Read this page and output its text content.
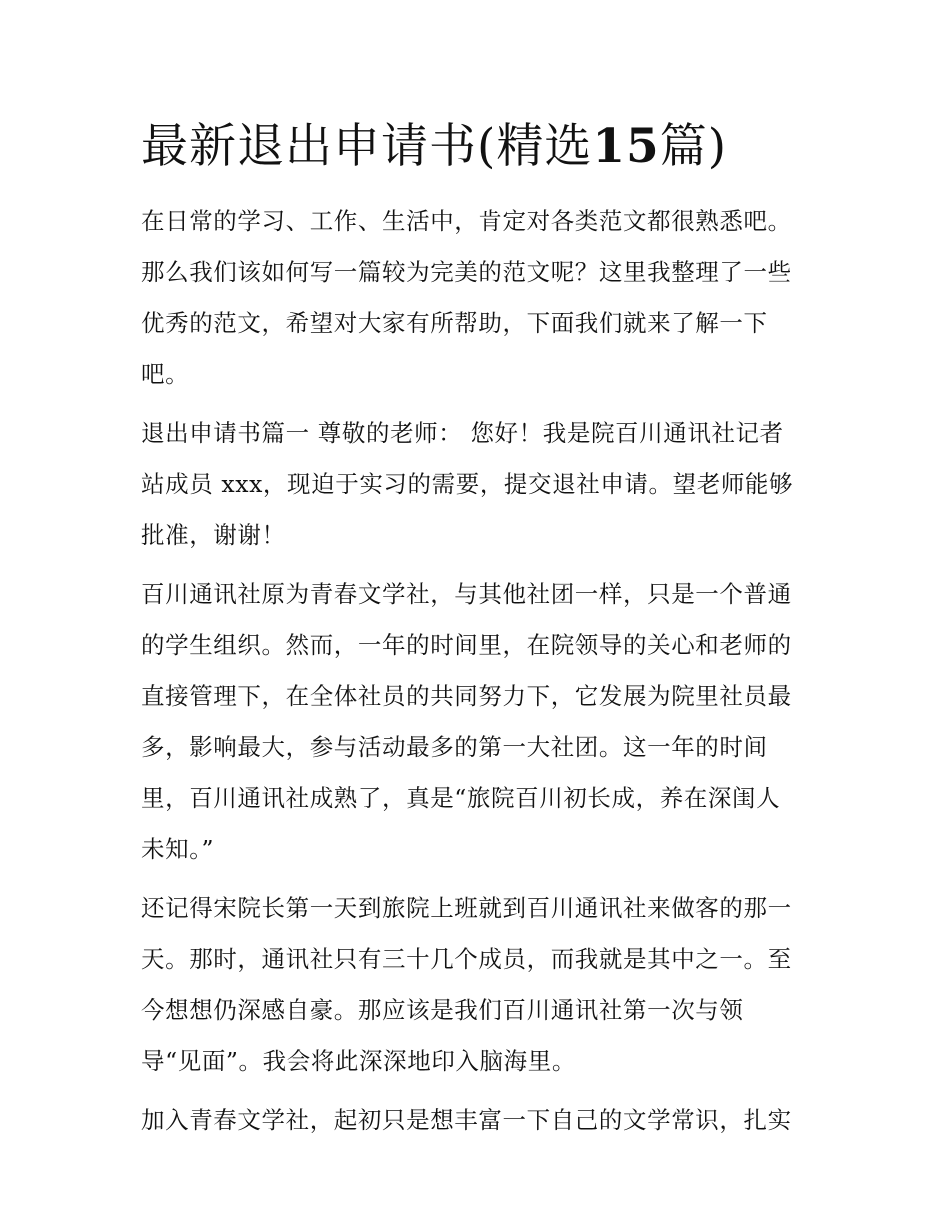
最新退出申请书(精选15篇)
在日常的学习、工作、生活中，肯定对各类范文都很熟悉吧。
那么我们该如何写一篇较为完美的范文呢？这里我整理了一些
优秀的范文，希望对大家有所帮助，下面我们就来了解一下
吧。
退出申请书篇一 尊敬的老师： 您好！我是院百川通讯社记者
站成员 xxx，现迫于实习的需要，提交退社申请。望老师能够
批准，谢谢！
百川通讯社原为青春文学社，与其他社团一样，只是一个普通
的学生组织。然而，一年的时间里，在院领导的关心和老师的
直接管理下，在全体社员的共同努力下，它发展为院里社员最
多，影响最大，参与活动最多的第一大社团。这一年的时间
里，百川通讯社成熟了，真是“旅院百川初长成，养在深闺人
未知。”
还记得宋院长第一天到旅院上班就到百川通讯社来做客的那一
天。那时，通讯社只有三十几个成员，而我就是其中之一。至
今想想仍深感自豪。那应该是我们百川通讯社第一次与领
导“见面”。我会将此深深地印入脑海里。
加入青春文学社，起初只是想丰富一下自己的文学常识，扎实
